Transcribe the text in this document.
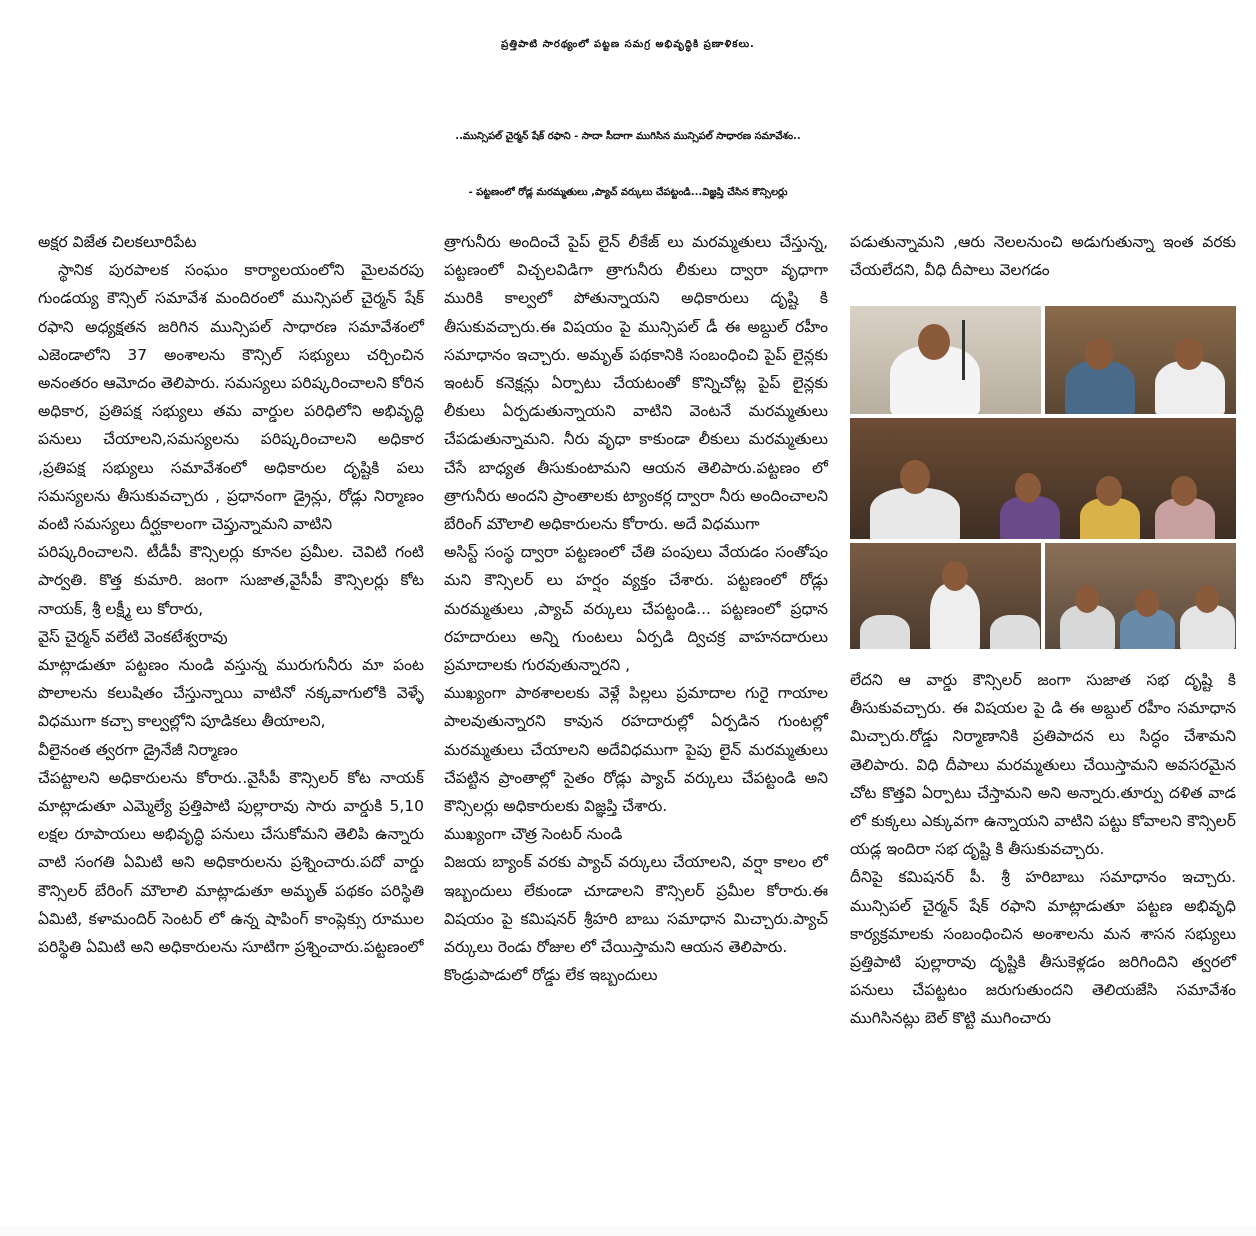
ప్రత్తిపాటి సారథ్యంలో పట్టణ సమగ్ర అభివృద్ధికి ప్రణాళికలు.
..మున్సిపల్ చైర్మన్ షేక్ రఫాని - సాదా సీదాగా ముగిసిన మున్సిపల్ సాధారణ సమావేశం..
- పట్టణంలో రోడ్ల మరమ్మతులు ,ప్యాచ్ వర్కులు చేపట్టండి...విజ్ఞప్తి చేసిన కౌన్సిలర్లు

అక్షర విజేత చిలకలూరిపేట

స్థానిక పురపాలక సంఘం కార్యాలయంలోని మైలవరపు గుండయ్య కౌన్సిల్ సమావేశ మందిరంలో మున్సిపల్ చైర్మన్ షేక్ రఫాని అధ్యక్షతన జరిగిన మున్సిపల్ సాధారణ సమావేశంలో ఎజెండాలోని 37 అంశాలను కౌన్సిల్ సభ్యులు చర్చించిన అనంతరం ఆమోదం తెలిపారు. సమస్యలు పరిష్కరించాలని కోరిన అధికార, ప్రతిపక్ష సభ్యులు తమ వార్డుల పరిధిలోని అభివృద్ధి పనులు చేయాలని,సమస్యలను పరిష్కరించాలని అధికార ,ప్రతిపక్ష సభ్యులు సమావేశంలో అధికారుల దృష్టికి పలు సమస్యలను తీసుకువచ్చారు , ప్రధానంగా డ్రైన్లు, రోడ్లు నిర్మాణం వంటి సమస్యలు దీర్ఘకాలంగా చెప్తున్నామని వాటిని

పరిష్కరించాలని. టీడీపీ కౌన్సిలర్లు కూనల ప్రమీల. చెవిటి గంటి పార్వతి. కొత్త కుమారి. జంగా సుజాత,వైసీపీ కౌన్సిలర్లు కోట నాయక్, శ్రీ లక్ష్మీ లు కోరారు,

వైస్ చైర్మన్ వలేటి వెంకటేశ్వరావు

మాట్లాడుతూ పట్టణం నుండి వస్తున్న మురుగునీరు మా పంట పొలాలను కలుషితం చేస్తున్నాయి వాటినో నక్కవాగులోకి వెళ్ళే విధముగా కచ్చా కాల్వల్లోని పూడికలు తీయాలని,

వీలైనంత త్వరగా డ్రైనేజీ నిర్మాణం

చేపట్టాలని అధికారులను కోరారు..వైసీపీ కౌన్సిలర్ కోట నాయక్ మాట్లాడుతూ ఎమ్మెల్యే ప్రత్తిపాటి పుల్లారావు సారు వార్డుకి 5,10 లక్షల రూపాయలు అభివృద్ధి పనులు చేసుకోమని తెలిపి ఉన్నారు వాటి సంగతి ఏమిటి అని అధికారులను ప్రశ్నించారు.పదో వార్డు కౌన్సిలర్ బేరింగ్ మౌలాలి మాట్లాడుతూ అమృత్ పథకం పరిస్థితి ఏమిటి, కళామందిర్ సెంటర్ లో ఉన్న షాపింగ్ కాంప్లెక్సు రూముల పరిస్థితి ఏమిటి అని అధికారులను సూటిగా ప్రశ్నించారు.పట్టణంలో

త్రాగునీరు అందించే పైప్ లైన్ లీకేజ్ లు మరమ్మతులు చేస్తున్న, పట్టణంలో విచ్చలవిడిగా త్రాగునీరు లీకులు ద్వారా వృధాగా మురికి కాల్వలో పోతున్నాయని అధికారులు దృష్టి కి తీసుకువచ్చారు.ఈ విషయం పై మున్సిపల్ డీ ఈ అబ్దుల్ రహీం సమాధానం ఇచ్చారు. అమృత్ పథకానికి సంబంధించి పైప్ లైన్లకు ఇంటర్ కనెక్షన్లు ఏర్పాటు చేయటంతో కొన్నిచోట్ల పైప్ లైన్లకు లీకులు ఏర్పడుతున్నాయని వాటిని వెంటనే మరమ్మతులు చేపడుతున్నామని. నీరు వృధా కాకుండా లీకులు మరమ్మతులు చేసే బాధ్యత తీసుకుంటామని ఆయన తెలిపారు.పట్టణం లో త్రాగునీరు అందని ప్రాంతాలకు ట్యాంకర్ల ద్వారా నీరు అందించాలని బేరింగ్ మౌలాలి అధికారులను కోరారు. అదే విధముగా

అసిస్ట్ సంస్థ ద్వారా పట్టణంలో చేతి పంపులు వేయడం సంతోషం మని కౌన్సిలర్ లు హర్షం వ్యక్తం చేశారు. పట్టణంలో రోడ్లు మరమ్మతులు ,ప్యాచ్ వర్కులు చేపట్టండి... పట్టణంలో ప్రధాన రహదారులు అన్ని గుంటలు ఏర్పడి ద్విచక్ర వాహనదారులు ప్రమాదాలకు గురవుతున్నారని ,

ముఖ్యంగా పాఠశాలలకు వెళ్లే పిల్లలు ప్రమాదాల గురై గాయాల పాలవుతున్నారని కావున రహదారుల్లో ఏర్పడిన గుంటల్లో మరమ్మతులు చేయాలని అదేవిధముగా పైపు లైన్ మరమ్మతులు చేపట్టిన ప్రాంతాల్లో సైతం రోడ్లు ప్యాచ్ వర్కులు చేపట్టండి అని కౌన్సిలర్లు అధికారులకు విజ్ఞప్తి చేశారు.

ముఖ్యంగా చౌత్ర సెంటర్ నుండి

విజయ బ్యాంక్ వరకు ప్యాచ్ వర్కులు చేయాలని, వర్షా కాలం లో ఇబ్బందులు లేకుండా చూడాలని కౌన్సిలర్ ప్రమీల కోరారు.ఈ విషయం పై కమిషనర్ శ్రీహరి బాబు సమాధాన మిచ్చారు.ప్యాచ్ వర్కులు రెండు రోజుల లో చేయిస్తామని ఆయన తెలిపారు.

కొండ్రుపాడులో రోడ్డు లేక ఇబ్బందులు

పడుతున్నామని ,ఆరు నెలలనుంచి అడుగుతున్నా ఇంత వరకు చేయలేదని, వీధి దీపాలు వెలగడం

లేదని ఆ వార్డు కౌన్సిలర్ జంగా సుజాత సభ దృష్టి కి తీసుకువచ్చారు. ఈ విషయల పై డి ఈ అబ్దుల్ రహీం సమాధాన మిచ్చారు.రోడ్డు నిర్మాణానికి ప్రతిపాదన లు సిద్ధం చేశామని తెలిపారు. విధి దీపాలు మరమ్మతులు చేయిస్తామని అవసరమైన చోట కొత్తవి ఏర్పాటు చేస్తామని అని అన్నారు.తూర్పు దళిత వాడ లో కుక్కలు ఎక్కువగా ఉన్నాయని వాటిని పట్టు కోవాలని కౌన్సిలర్ యడ్ల ఇందిరా సభ దృష్టి కి తీసుకువచ్చారు.

దీనిపై కమిషనర్ పీ. శ్రీ హరిబాబు సమాధానం ఇచ్చారు. మున్సిపల్ చైర్మన్ షేక్ రఫాని మాట్లాడుతూ పట్టణ అభివృధి కార్యక్రమాలకు సంబంధించిన అంశాలను మన శాసన సభ్యులు ప్రత్తిపాటి పుల్లారావు దృష్టికి తీసుకెళ్లడం జరిగిందిని త్వరలో పనులు చేపట్టటం జరుగుతుందని తెలియజేసి సమావేశం ముగిసినట్లు బెల్ కొట్టి ముగించారు
